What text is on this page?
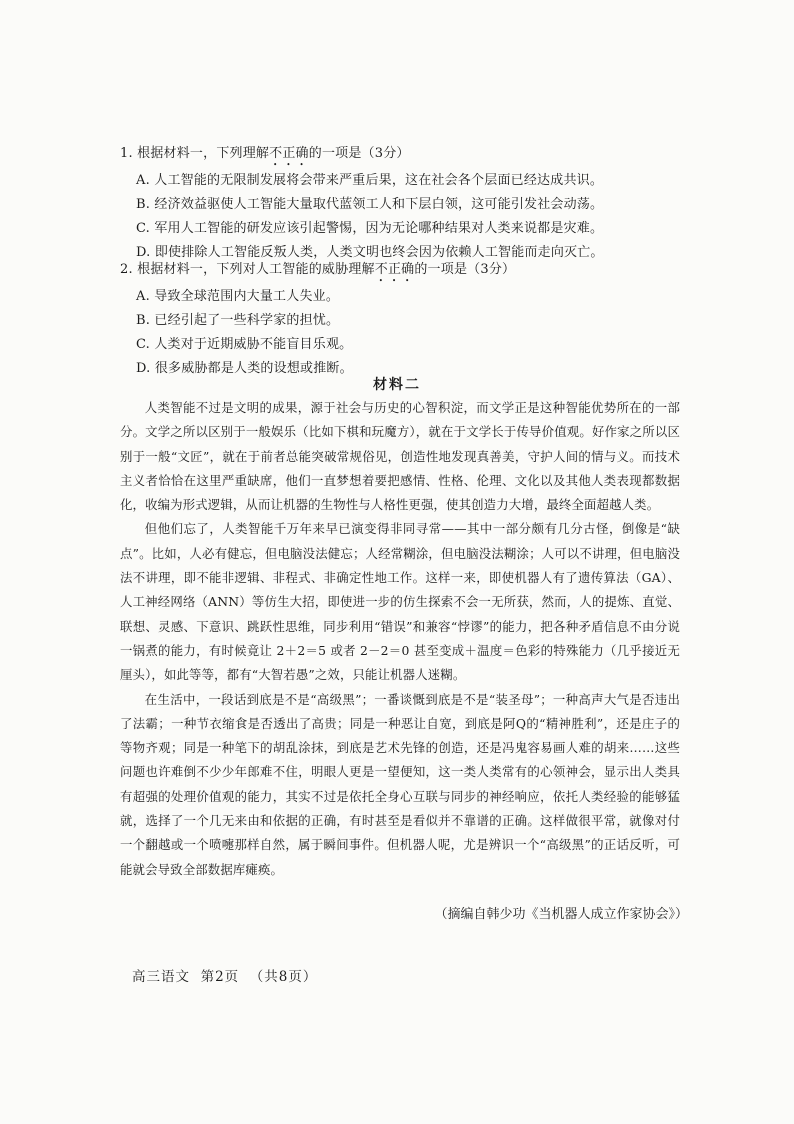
1. 根据材料一，下列理解不正确的一项是（3分）
A. 人工智能的无限制发展将会带来严重后果，这在社会各个层面已经达成共识。
B. 经济效益驱使人工智能大量取代蓝领工人和下层白领，这可能引发社会动荡。
C. 军用人工智能的研发应该引起警惕，因为无论哪种结果对人类来说都是灾难。
D. 即使排除人工智能反叛人类，人类文明也终会因为依赖人工智能而走向灭亡。
2. 根据材料一，下列对人工智能的威胁理解不正确的一项是（3分）
A. 导致全球范围内大量工人失业。
B. 已经引起了一些科学家的担忧。
C. 人类对于近期威胁不能盲目乐观。
D. 很多威胁都是人类的设想或推断。
材料二

人类智能不过是文明的成果，源于社会与历史的心智积淀，而文学正是这种智能优势所在的一部分。文学之所以区别于一般娱乐（比如下棋和玩魔方），就在于文学长于传导价值观。好作家之所以区别于一般“文匠”，就在于前者总能突破常规俗见，创造性地发现真善美，守护人间的情与义。而技术主义者恰恰在这里严重缺席，他们一直梦想着要把感情、性格、伦理、文化以及其他人类表现都数据化，收编为形式逻辑，从而让机器的生物性与人格性更强，使其创造力大增，最终全面超越人类。

但他们忘了，人类智能千万年来早已演变得非同寻常——其中一部分颇有几分古怪，倒像是“缺点”。比如，人必有健忘，但电脑没法健忘；人经常糊涂，但电脑没法糊涂；人可以不讲理，但电脑没法不讲理，即不能非逻辑、非程式、非确定性地工作。这样一来，即使机器人有了遗传算法（GA）、人工神经网络（ANN）等仿生大招，即使进一步的仿生探索不会一无所获，然而，人的提炼、直觉、联想、灵感、下意识、跳跃性思维，同步利用“错误”和兼容“悖谬”的能力，把各种矛盾信息不由分说一锅煮的能力，有时候竟让 2＋2＝5 或者 2－2＝0 甚至变成＋温度＝色彩的特殊能力（几乎接近无厘头），如此等等，都有“大智若愚”之效，只能让机器人迷糊。

在生活中，一段话到底是不是“高级黑”；一番谈慨到底是不是“装圣母”；一种高声大气是否违出了法霸；一种节衣缩食是否透出了高贵；同是一种恶让自宽，到底是阿Q的“精神胜利”，还是庄子的等物齐观；同是一种笔下的胡乱涂抹，到底是艺术先锋的创造，还是冯鬼容易画人难的胡来……这些问题也许难倒不少少年郎难不住，明眼人更是一望便知，这一类人类常有的心领神会，显示出人类具有超强的处理价值观的能力，其实不过是依托全身心互联与同步的神经响应，依托人类经验的能够猛就，选择了一个几无来由和依据的正确，有时甚至是看似并不靠谱的正确。这样做很平常，就像对付一个翻越或一个喷嚏那样自然，属于瞬间事件。但机器人呢，尤是辨识一个“高级黑”的正话反听，可能就会导致全部数据库瘫痪。

（摘编自韩少功《当机器人成立作家协会》）
高三语文 第2页 （共8页）
